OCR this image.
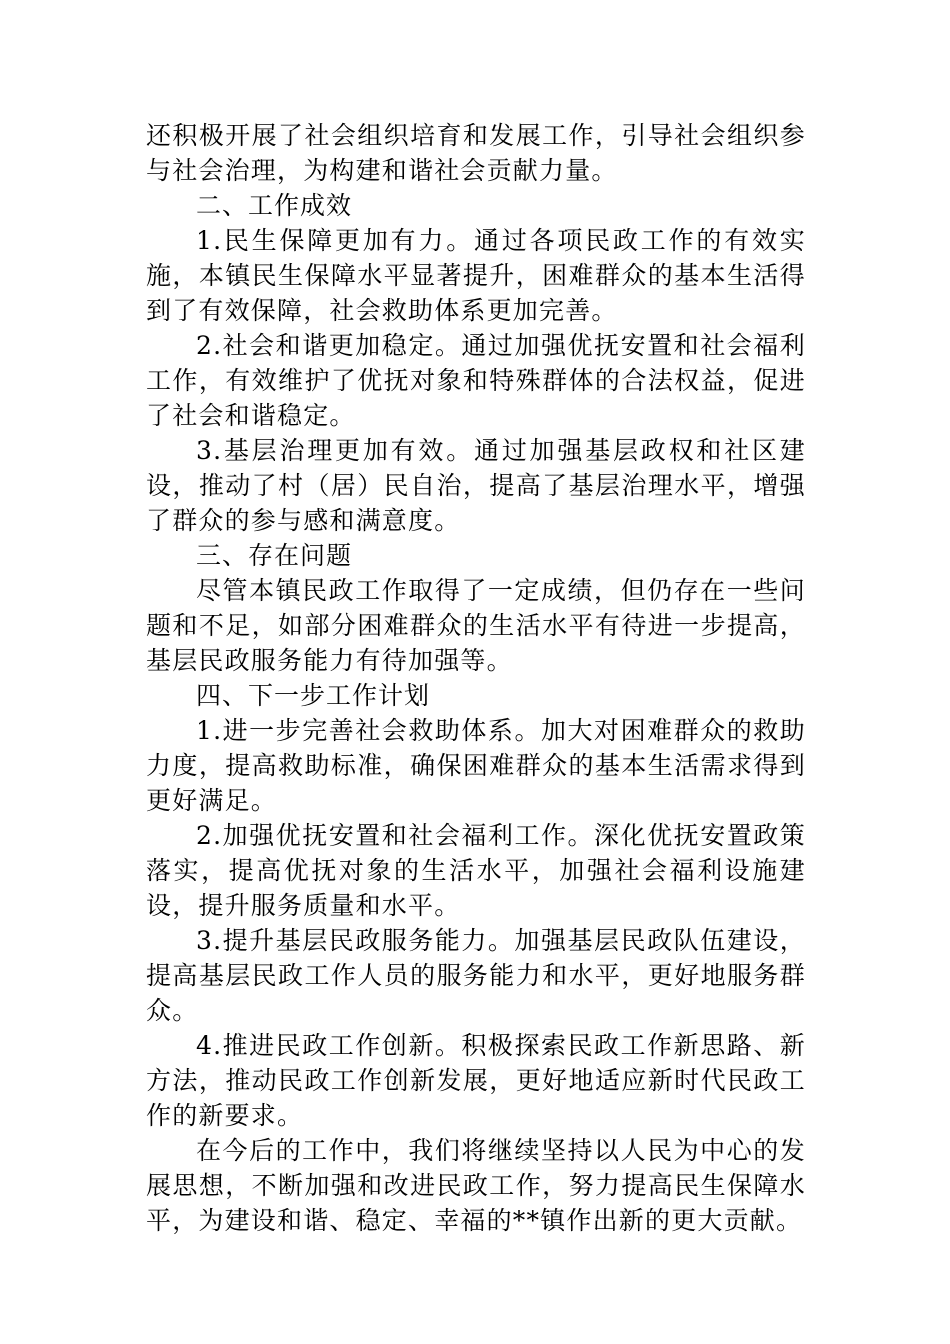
还积极开展了社会组织培育和发展工作，引导社会组织参与社会治理，为构建和谐社会贡献力量。

二、工作成效

1.民生保障更加有力。通过各项民政工作的有效实施，本镇民生保障水平显著提升，困难群众的基本生活得到了有效保障，社会救助体系更加完善。

2.社会和谐更加稳定。通过加强优抚安置和社会福利工作，有效维护了优抚对象和特殊群体的合法权益，促进了社会和谐稳定。

3.基层治理更加有效。通过加强基层政权和社区建设，推动了村（居）民自治，提高了基层治理水平，增强了群众的参与感和满意度。

三、存在问题

尽管本镇民政工作取得了一定成绩，但仍存在一些问题和不足，如部分困难群众的生活水平有待进一步提高，基层民政服务能力有待加强等。

四、下一步工作计划

1.进一步完善社会救助体系。加大对困难群众的救助力度，提高救助标准，确保困难群众的基本生活需求得到更好满足。

2.加强优抚安置和社会福利工作。深化优抚安置政策落实，提高优抚对象的生活水平，加强社会福利设施建设，提升服务质量和水平。

3.提升基层民政服务能力。加强基层民政队伍建设，提高基层民政工作人员的服务能力和水平，更好地服务群众。

4.推进民政工作创新。积极探索民政工作新思路、新方法，推动民政工作创新发展，更好地适应新时代民政工作的新要求。

在今后的工作中，我们将继续坚持以人民为中心的发展思想，不断加强和改进民政工作，努力提高民生保障水平，为建设和谐、稳定、幸福的**镇作出新的更大贡献。
